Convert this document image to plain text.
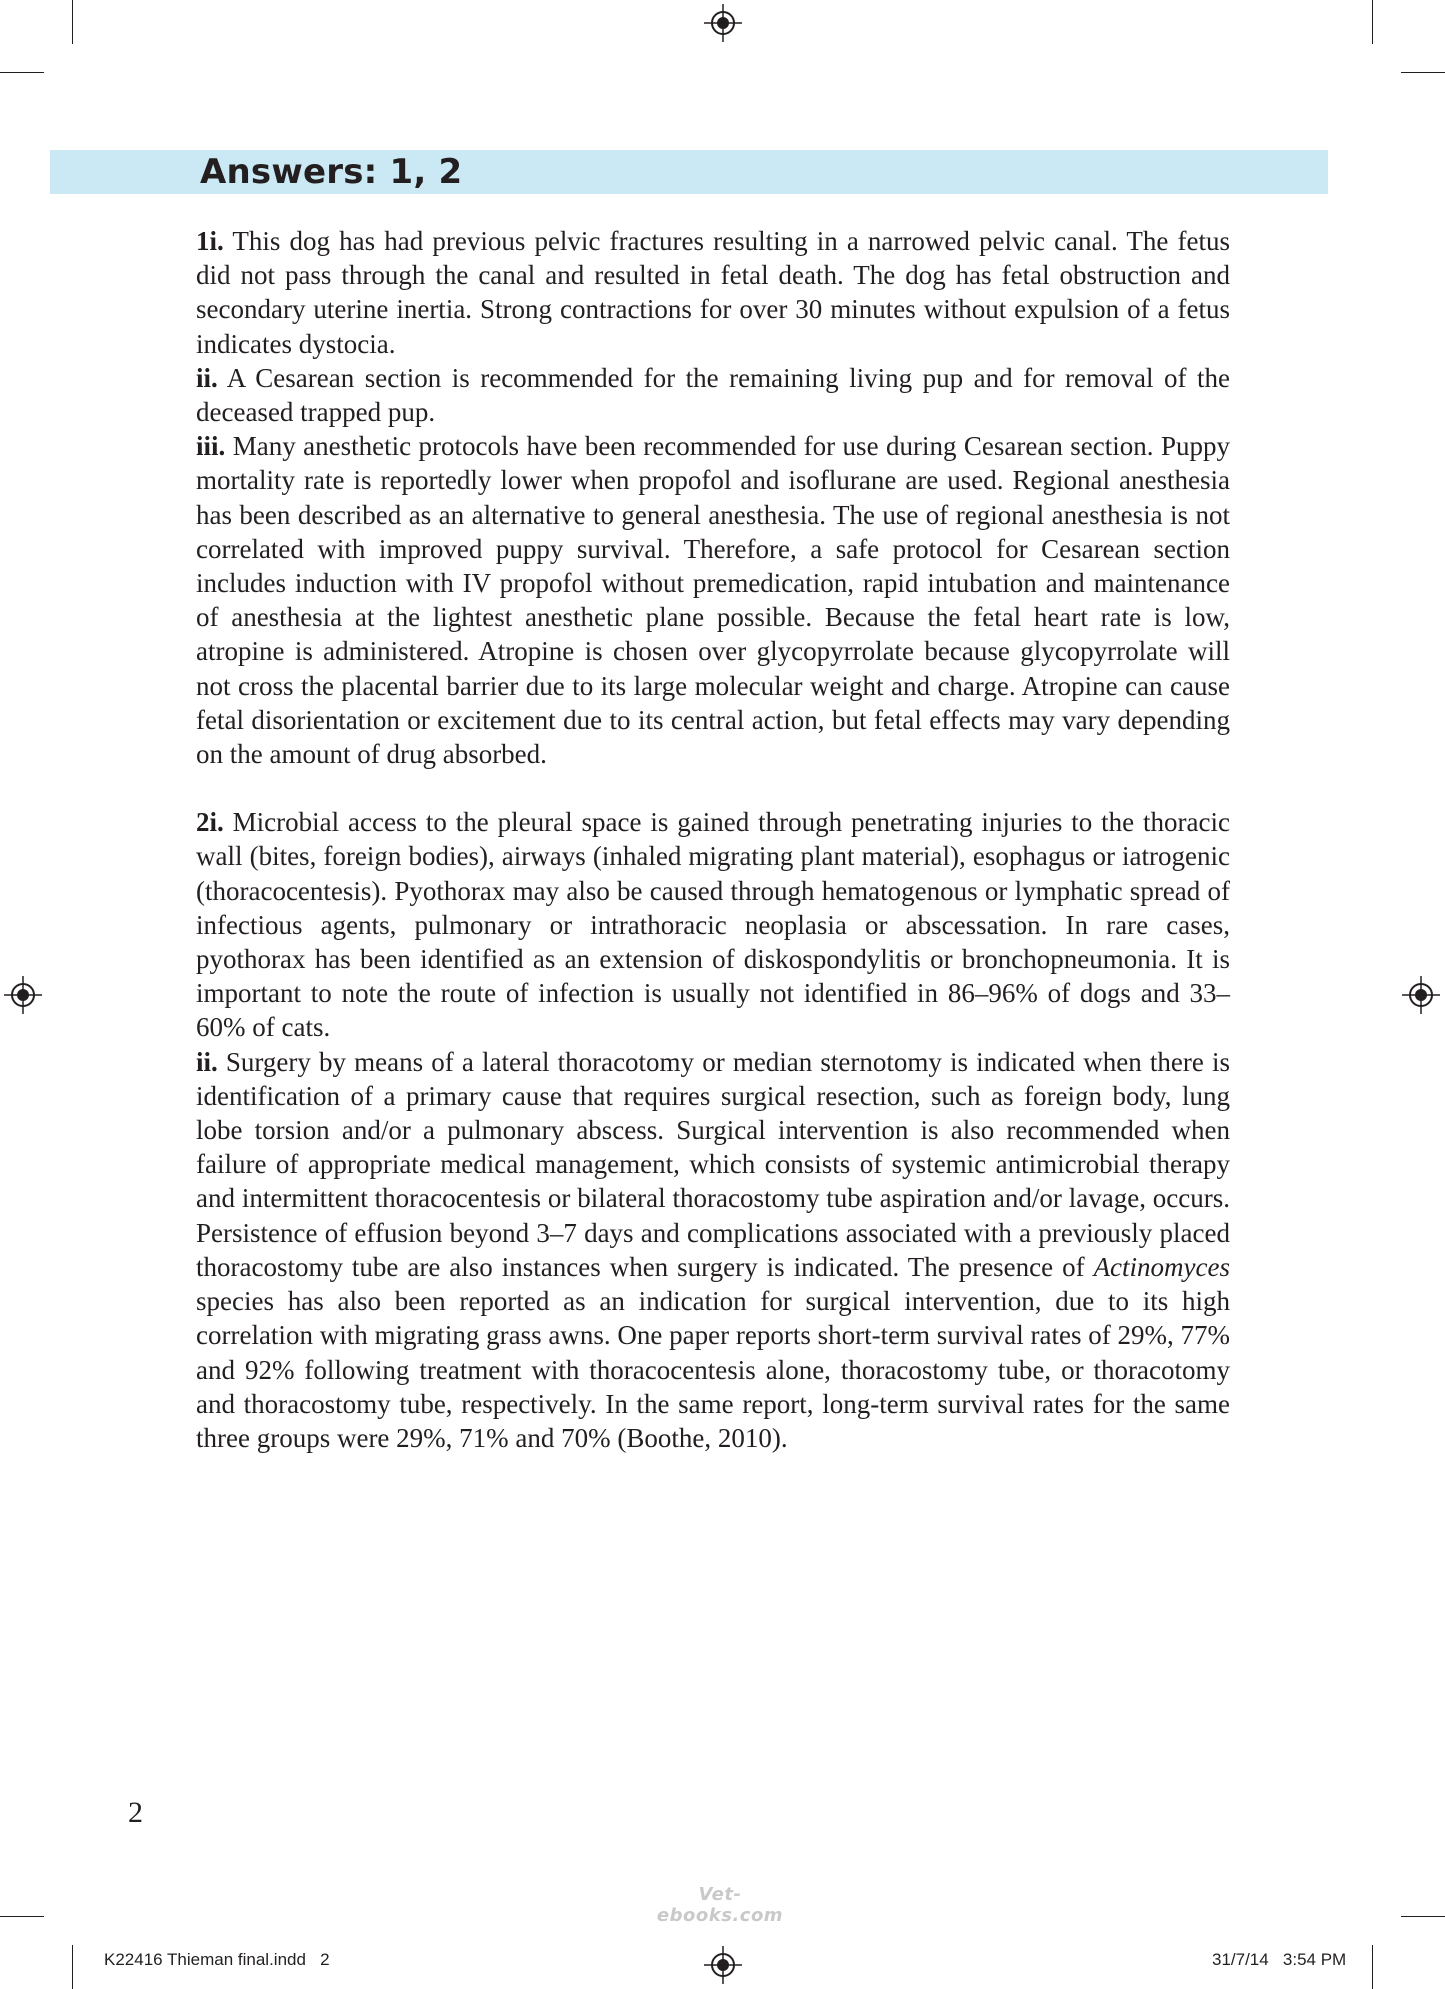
Answers: 1, 2

1i. This dog has had previous pelvic fractures resulting in a narrowed pelvic canal. The fetus did not pass through the canal and resulted in fetal death. The dog has fetal obstruction and secondary uterine inertia. Strong contractions for over 30 minutes without expulsion of a fetus indicates dystocia.

ii. A Cesarean section is recommended for the remaining living pup and for removal of the deceased trapped pup.

iii. Many anesthetic protocols have been recommended for use during Cesarean section. Puppy mortality rate is reportedly lower when propofol and isoflurane are used. Regional anesthesia has been described as an alternative to general anesthesia. The use of regional anesthesia is not correlated with improved puppy survival. Therefore, a safe protocol for Cesarean section includes induction with IV propofol without premedication, rapid intubation and maintenance of anesthesia at the lightest anesthetic plane possible. Because the fetal heart rate is low, atropine is administered. Atropine is chosen over glycopyrrolate because glycopyrrolate will not cross the placental barrier due to its large molecular weight and charge. Atropine can cause fetal disorientation or excitement due to its central action, but fetal effects may vary depending on the amount of drug absorbed.

2i. Microbial access to the pleural space is gained through penetrating injuries to the thoracic wall (bites, foreign bodies), airways (inhaled migrating plant material), esophagus or iatrogenic (thoracocentesis). Pyothorax may also be caused through hematogenous or lymphatic spread of infectious agents, pulmonary or intrathoracic neoplasia or abscessation. In rare cases, pyothorax has been identified as an extension of diskospondylitis or bronchopneumonia. It is important to note the route of infection is usually not identified in 86–96% of dogs and 33–60% of cats.

ii. Surgery by means of a lateral thoracotomy or median sternotomy is indicated when there is identification of a primary cause that requires surgical resection, such as foreign body, lung lobe torsion and/or a pulmonary abscess. Surgical intervention is also recommended when failure of appropriate medical management, which consists of systemic antimicrobial therapy and intermittent thoracocentesis or bilateral thoracostomy tube aspiration and/or lavage, occurs. Persistence of effusion beyond 3–7 days and complications associated with a previously placed thoracostomy tube are also instances when surgery is indicated. The presence of Actinomyces species has also been reported as an indication for surgical intervention, due to its high correlation with migrating grass awns. One paper reports short-term survival rates of 29%, 77% and 92% following treatment with thoracocentesis alone, thoracostomy tube, or thoracotomy and thoracostomy tube, respectively. In the same report, long-term survival rates for the same three groups were 29%, 71% and 70% (Boothe, 2010).

2
Vet-ebooks.com
K22416 Thieman final.indd   2	31/7/14   3:54 PM
